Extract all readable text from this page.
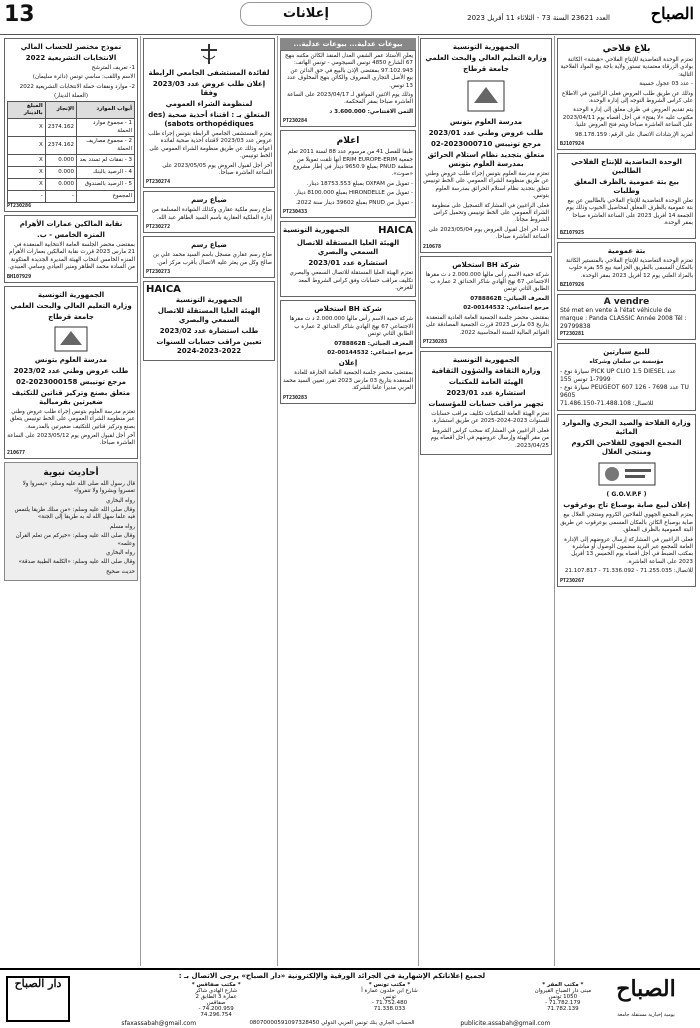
13	إعلانات	العدد 23621 السنة 73 - الثلاثاء 11 أفريل 2023	الصباح
بلاغ فلاحي

تعتزم الوحدة التعاضدية للإنتاج الفلاحي «هيشة» الكائنة بوادي الزرقاء معتمدية تستور ولاية باجة بيع المواد الفلاحية التالية:

- عدد 03 عجول حسينة

وذلك عن طريق طلب العروض فعلى الراغبين في الاطلاع على كراس الشروط التوجه إلى إدارة الوحدة.

يتم تقديم العروض في ظرف مغلق إلى إدارة الوحدة مكتوب عليه «لا يفتح» في أجل أقصاه يوم 2023/04/11 على الساعة العاشرة صباحا ويتم فتح العروض علنيا.

لمزيد الإرشادات الاتصال على الرقم: 98.178.159

BJ107924
الوحدة التعاضدية للإنتاج الفلاحي الطالبين
بيع بتة عمومية بالظرف المغلق وطلبات

تعلن الوحدة التعاضدية للإنتاج الفلاحي بالطالبين عن بيع بتة عمومية بالظرف المغلق لمحاصيل الحبوب وذلك يوم الجمعة 14 أفريل 2023 على الساعة العاشرة صباحا بمقر الوحدة.

BZ107925
بتة عمومية

تعتزم الوحدة التعاضدية للإنتاج الفلاحي بالمنستير الكائنة بالمكان المسمى بالطريق الحزامية بيع 55 بقرة حلوب بالمزاد العلني يوم 12 أفريل 2023 بمقر الوحدة.

BZ107926
A vendre
Sté met en vente à l'état véhicule de marque : Panda CLASSIC Année 2008 Tél : 29799838
PT230281
للبيع سيارتين

مؤسسة بن سلمان وشركاه

- سيارة نوع PICK UP CLIO 1.5 DIESEL عدد 7999-1 تونس 155
- سيارة نوع PEUGEOT 607 عدد 7698 - 126 TU 9605
للاتصال: 71.488.108-71.486.150
وزارة الفلاحة والصيد البحري والموارد المائية
المجمع الجهوي للفلاحين الكروم ومنتجي الغلال
( G.O.V.P.F )
إعلان لبيع صابة بوصباع تاج بوعرقوب

يعتزم المجمع الجهوي للفلاحين الكروم ومنتجي الغلال بيع صابة بوصباع الكائن بالمكان المسمى بوعرقوب عن طريق البتة العمومية بالظرف المغلق.

فعلى الراغبين في المشاركة إرسال عروضهم إلى الإدارة العامة للمجمع عبر البريد مضمون الوصول أو مباشرة بمكتب الضبط في أجل أقصاه يوم الخميس 13 أفريل 2023 على الساعة العاشرة.

للاتصال: 71.255.035 - 71.336.092 - 21.107.817

PT230267
الجمهورية التونسية
وزارة التعليم العالي والبحث العلمي
جامعة قرطاج
مدرسة العلوم بتونس
طلب عروض وطني عدد 2023/01
مرجع تونيبس 2023000710-02
متعلق بتجديد نظام استلام الحرائق بمدرسة العلوم بتونس

تعتزم مدرسة العلوم بتونس إجراء طلب عروض وطني عن طريق منظومة الشراء العمومي على الخط تونيبس تتعلق بتجديد نظام استلام الحرائق بمدرسة العلوم بتونس.

فعلى الراغبين في المشاركة التسجيل على منظومة الشراء العمومي على الخط تونيبس وتحميل كراس الشروط مجانا.

حدد آخر أجل لقبول العروض يوم 2023/05/04 على الساعة العاشرة صباحا.

210678
شركة BH استخلاص

شركة خفية الاسم رأس مالها 2.000.000 د ت مقرها الاجتماعي 67 نهج الهادي شاكر الحدائق 2 عمارة ب الطابق الثاني تونس

المعرف الجبائي: 0788862B

مرجع اجتماعي: 00144532-02

بمقتضى محضر جلسة الجمعية العامة العادية المنعقدة بتاريخ 03 مارس 2023 قررت الجمعية المصادقة على القوائم المالية للسنة المحاسبية 2022.

PT230283
الجمهورية التونسية
وزارة الثقافة والشؤون الثقافية
الهيئة العامة للمكتبات
استشارة عدد 2023/01
تجهيز مراقب حسابات للمؤسسات

تعتزم الهيئة العامة للمكتبات تكليف مراقب حسابات للسنوات 2023-2024-2025 عن طريق استشارة.

فعلى الراغبين في المشاركة سحب كراس الشروط من مقر الهيئة وإرسال عروضهم في أجل أقصاه يوم 2023/04/25.

بيوعات عدلية... بيوعات عدلية...

يعلن الأستاذ عمر الشفي العدل المنفذ الكائن مكتبه بنهج 67 الشارع 4850 تونس السيجومي - تونس الهاتف: 97.102.943 بمقتضى الإذن بالبيع في حق الدائن عن بيع الأصل التجاري المعروف والكائن بنهج المخلوف عدد 13 تونس.

وذلك يوم الاثنين الموافق لـ 2023/04/17 على الساعة العاشرة صباحا بمقر المحكمة.

الثمن الافتتاحي: 3.600.000 د

PT230284
اعلام

طبقا للفصل 41 من مرسوم عدد 88 لسنة 2011 تعلم جمعية ERIM EUROPE-ERIM أنها تلقت تمويلا من منظمة PNUD بمبلغ 9650.9 دينار في إطار مشروع «صوت».

- تمويل من OXFAM بمبلغ 18753.553 دينار.

- تمويل من HIRONDELLE بمبلغ 8100.000 دينار.

- تمويل من PNUD بمبلغ 39602 دينار سنة 2022.

PT230433
HAICA
الجمهورية التونسية
الهيئة العليا المستقلة للاتصال السمعي والبصري
استشارة عدد 2023/01

تعتزم الهيئة العليا المستقلة للاتصال السمعي والبصري تكليف مراقب حسابات وفق كراس الشروط المعد للغرض.

شركة BH استخلاص

شركة خفية الاسم رأس مالها 2.000.000 د ت مقرها الاجتماعي 67 نهج الهادي شاكر الحدائق 2 عمارة ب الطابق الثاني تونس

المعرف الجبائي: 0788862B

مرجع اجتماعي: 00144532-02

إعلان

بمقتضى محضر جلسة الجمعية العامة الخارقة للعادة المنعقدة بتاريخ 03 مارس 2023 تقرر تعيين السيد محمد العربي مديرا عاما للشركة.

PT230283
لفائدة المستشفى الجامعي الرابطة
إعلان طلب عروض عدد 2023/03 وفقا
لمنظومة الشراء العمومي
المتعلق بـ : اقتناء أحذية صحية (des sabots orthopédiques)

يعتزم المستشفى الجامعي الرابطة بتونس إجراء طلب عروض عدد 2023/03 لاقتناء أحذية صحية لفائدة أعوانه وذلك عن طريق منظومة الشراء العمومي على الخط تونيبس.

آخر أجل لقبول العروض يوم 2023/05/05 على الساعة العاشرة صباحا.

PT230274
ضياع رسم

ضاع رسم ملكية عقاري وكذلك الشهادة المسلمة من إدارة الملكية العقارية باسم السيد الطاهر عبد الله.

PT230272
ضياع رسم

ضاع رسم عقاري مسجل باسم السيد محمد علي بن صالح وكل من يعثر عليه الاتصال بأقرب مركز أمن.

PT230273
HAICA
الجمهورية التونسية
الهيئة العليا المستقلة للاتصال السمعي والبصري
طلب استشارة عدد 2023/02
تعيين مراقب حسابات للسنوات 2022-2023-2024
نموذج مختصر للحساب المالي
الانتخابات التشريعية 2022

1- تعريف المترشح

الاسم واللقب: ساسي تونس (دائرة سليمان)

2- موارد ونفقات حملة الانتخابات التشريعية 2022

(العملة الدينار)
أبواب الموارد	الإنجاز	المبلغ بالدينار
1 - مجموع موارد الحملة	2374.162	X
2 - مجموع مصاريف الحملة	2374.162	X
3 - نفقات لم تسدد بعد	0.000	X
4 - الرصيد بالبنك	0.000	X
5 - الرصيد بالصندوق	0.000	X
المجموع	-	-
PT230286
نقابة المالكين عمارات الأهرام
المنزه الخامس - ب.

بمقتضى محضر الجلسة العامة الانتخابية المنعقدة في 21 مارس 2023 قررت نقابة المالكين بعمارات الأهرام المنزه الخامس انتخاب الهيئة المديرة الجديدة المتكونة من السادة محمد الطاهر ومنير العيادي وسامي العبيدي.

BH107929
الجمهورية التونسية
وزارة التعليم العالي والبحث العلمي
جامعة قرطاج
مدرسة العلوم بتونس
طلب عروض وطني عدد 2023/02
مرجع تونيبس 2023000158-02
متعلق بصنع وتركيز قناتين للتكثيف ضغيرتين بقرمبالية

تعتزم مدرسة العلوم بتونس إجراء طلب عروض وطني عبر منظومة الشراء العمومي على الخط تونيبس يتعلق بصنع وتركيز قناتين للتكثيف ضغيرتين بالمدرسة.

آخر أجل لقبول العروض يوم 2023/05/12 على الساعة العاشرة صباحا.

210677
أحاديث نبوية

قال رسول الله صلى الله عليه وسلم: «يسروا ولا تعسروا وبشروا ولا تنفروا»

رواه البخاري

وقال صلى الله عليه وسلم: «من سلك طريقا يلتمس فيه علما سهل الله له به طريقا إلى الجنة»

رواه مسلم

وقال صلى الله عليه وسلم: «خيركم من تعلم القرآن وعلمه»

رواه البخاري

وقال صلى الله عليه وسلم: «الكلمة الطيبة صدقة»

حديث صحيح

الصباح
يومية إخبارية مستقلة جامعة
لجميع إعلاناتكم الإشهارية في الجرائد الورقية والإلكترونية «دار الصباح» يرجى الاتصال بـ :
* مكتب المقر *
مبنى دار الصباح القيروان 1050 تونس
71.782.179 - 71.782.139
* مكتب تونس *
شارع ابن خلدون عمارة أ تونس
71.752.480 - 71.338.033
* مكتب صفاقس *
شارع الهادي شاكر عمارة 3 الطابق 2 صفاقس
74.200.959 - 74.296.754
publicite.assabah@gmail.com
الحساب الجاري بنك تونس العربي الدولي 08070000591097328450
sfaxassabah@gmail.com
دار الصباح
